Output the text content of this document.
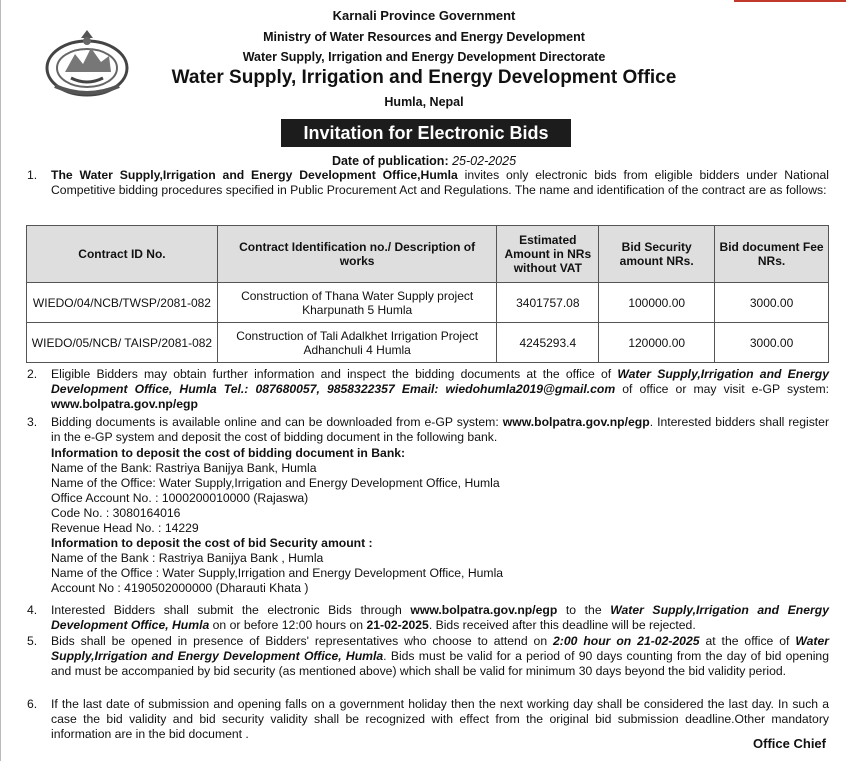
Karnali Province Government
Ministry of Water Resources and Energy Development
Water Supply, Irrigation and Energy Development Directorate
Water Supply, Irrigation and Energy Development Office
Humla, Nepal
Invitation for Electronic Bids
Date of publication: 25-02-2025
1. The Water Supply,Irrigation and Energy Development Office,Humla invites only electronic bids from eligible bidders under National Competitive bidding procedures specified in Public Procurement Act and Regulations. The name and identification of the contract are as follows:
Contract ID No.	Contract Identification no./ Description of works	Estimated Amount in NRs without VAT	Bid Security amount NRs.	Bid document Fee NRs.
WIEDO/04/NCB/TWSP/2081-082	Construction of Thana Water Supply project Kharpunath 5 Humla	3401757.08	100000.00	3000.00
WIEDO/05/NCB/ TAISP/2081-082	Construction of Tali Adalkhet Irrigation Project Adhanchuli 4 Humla	4245293.4	120000.00	3000.00
2. Eligible Bidders may obtain further information and inspect the bidding documents at the office of Water Supply,Irrigation and Energy Development Office, Humla Tel.: 087680057, 9858322357 Email: wiedohumla2019@gmail.com of office or may visit e-GP system: www.bolpatra.gov.np/egp
3. Bidding documents is available online and can be downloaded from e-GP system: www.bolpatra.gov.np/egp. Interested bidders shall register in the e-GP system and deposit the cost of bidding document in the following bank.
Information to deposit the cost of bidding document in Bank:
Name of the Bank: Rastriya Banijya Bank, Humla
Name of the Office: Water Supply,Irrigation and Energy Development Office, Humla
Office Account No. : 1000200010000 (Rajaswa)
Code No. : 3080164016
Revenue Head No. : 14229
Information to deposit the cost of bid Security amount :
Name of the Bank : Rastriya Banijya Bank , Humla
Name of the Office : Water Supply,Irrigation and Energy Development Office, Humla
Account No : 4190502000000 (Dharauti Khata )
4. Interested Bidders shall submit the electronic Bids through www.bolpatra.gov.np/egp to the Water Supply,Irrigation and Energy Development Office, Humla on or before 12:00 hours on 21-02-2025. Bids received after this deadline will be rejected.
5. Bids shall be opened in presence of Bidders' representatives who choose to attend on 2:00 hour on 21-02-2025 at the office of Water Supply,Irrigation and Energy Development Office, Humla. Bids must be valid for a period of 90 days counting from the day of bid opening and must be accompanied by bid security (as mentioned above) which shall be valid for minimum 30 days beyond the bid validity period.
6. If the last date of submission and opening falls on a government holiday then the next working day shall be considered the last day. In such a case the bid validity and bid security validity shall be recognized with effect from the original bid submission deadline.Other mandatory information are in the bid document .
Office Chief
